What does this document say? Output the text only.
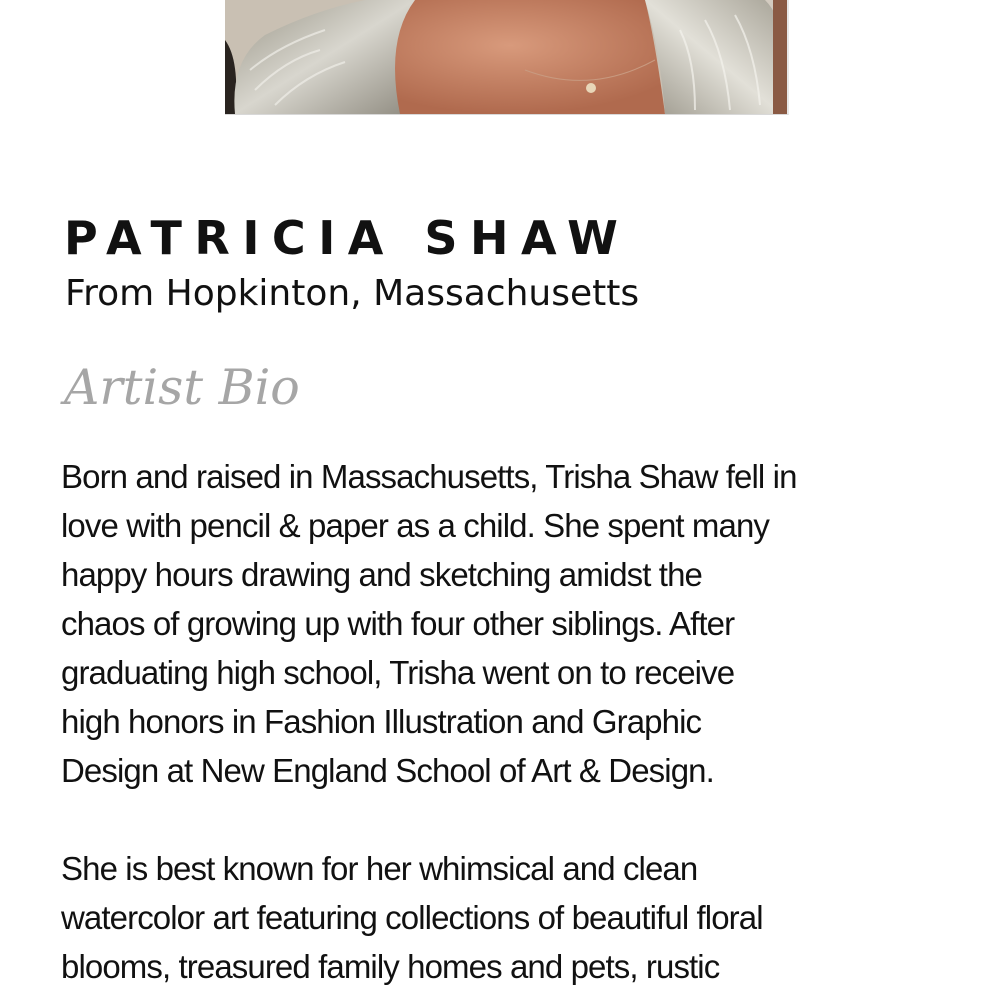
PATRICIA SHAW
From Hopkinton, Massachusetts
Artist Bio
Born and raised in Massachusetts, Trisha Shaw fell in
love with pencil & paper as a child. She spent many
happy hours drawing and sketching amidst the
chaos of growing up with four other siblings. After
graduating high school, Trisha went on to receive
high honors in Fashion Illustration and Graphic
Design at New England School of Art & Design.
She is best known for her whimsical and clean
watercolor art featuring collections of beautiful floral
blooms, treasured family homes and pets, rustic
